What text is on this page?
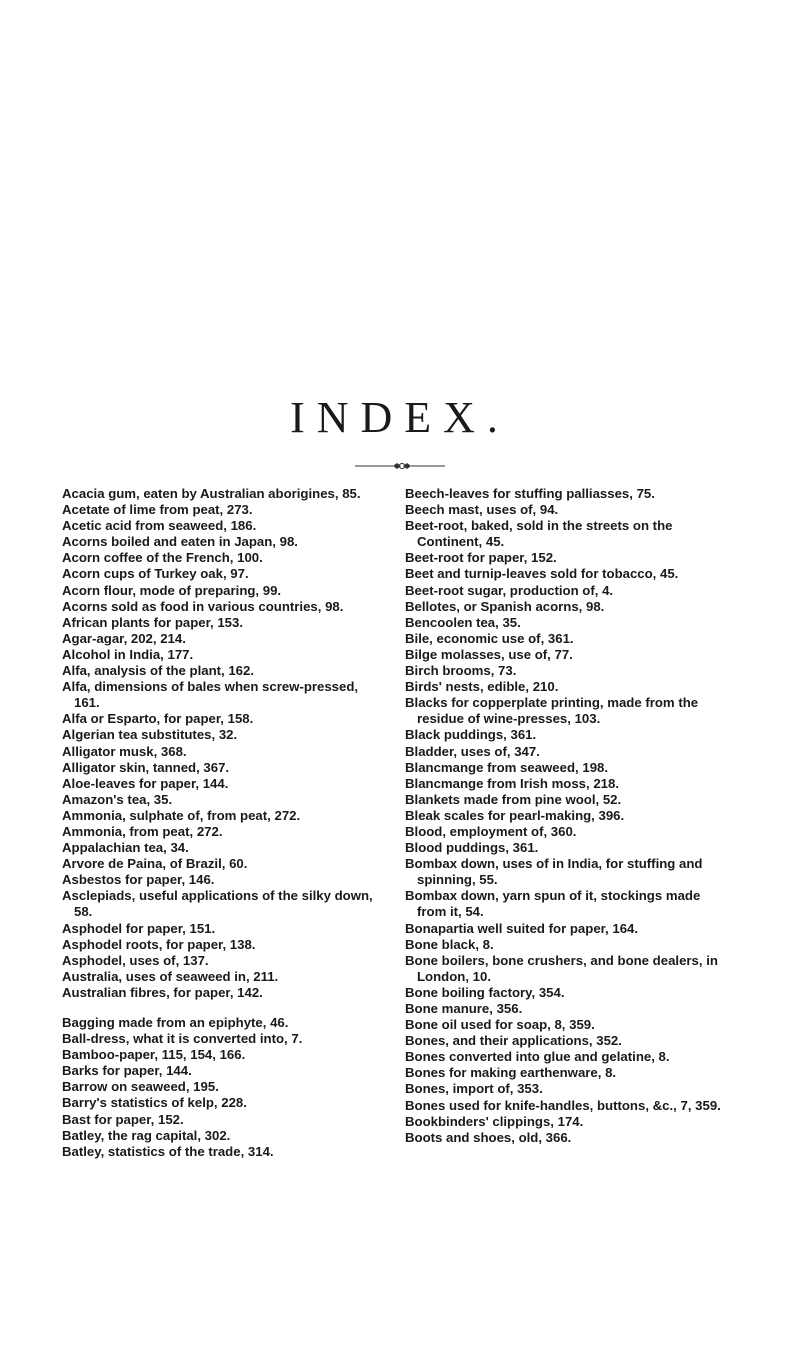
INDEX.

Acacia gum, eaten by Australian aborigines, 85.

Acetate of lime from peat, 273.

Acetic acid from seaweed, 186.

Acorns boiled and eaten in Japan, 98.

Acorn coffee of the French, 100.

Acorn cups of Turkey oak, 97.

Acorn flour, mode of preparing, 99.

Acorns sold as food in various countries, 98.

African plants for paper, 153.

Agar-agar, 202, 214.

Alcohol in India, 177.

Alfa, analysis of the plant, 162.

Alfa, dimensions of bales when screw-pressed, 161.

Alfa or Esparto, for paper, 158.

Algerian tea substitutes, 32.

Alligator musk, 368.

Alligator skin, tanned, 367.

Aloe-leaves for paper, 144.

Amazon's tea, 35.

Ammonia, sulphate of, from peat, 272.

Ammonia, from peat, 272.

Appalachian tea, 34.

Arvore de Paina, of Brazil, 60.

Asbestos for paper, 146.

Asclepiads, useful applications of the silky down, 58.

Asphodel for paper, 151.

Asphodel roots, for paper, 138.

Asphodel, uses of, 137.

Australia, uses of seaweed in, 211.

Australian fibres, for paper, 142.

Bagging made from an epiphyte, 46.

Ball-dress, what it is converted into, 7.

Bamboo-paper, 115, 154, 166.

Barks for paper, 144.

Barrow on seaweed, 195.

Barry's statistics of kelp, 228.

Bast for paper, 152.

Batley, the rag capital, 302.

Batley, statistics of the trade, 314.

Beech-leaves for stuffing palliasses, 75.

Beech mast, uses of, 94.

Beet-root, baked, sold in the streets on the Continent, 45.

Beet-root for paper, 152.

Beet and turnip-leaves sold for tobacco, 45.

Beet-root sugar, production of, 4.

Bellotes, or Spanish acorns, 98.

Bencoolen tea, 35.

Bile, economic use of, 361.

Bilge molasses, use of, 77.

Birch brooms, 73.

Birds' nests, edible, 210.

Blacks for copperplate printing, made from the residue of wine-presses, 103.

Black puddings, 361.

Bladder, uses of, 347.

Blancmange from seaweed, 198.

Blancmange from Irish moss, 218.

Blankets made from pine wool, 52.

Bleak scales for pearl-making, 396.

Blood, employment of, 360.

Blood puddings, 361.

Bombax down, uses of in India, for stuffing and spinning, 55.

Bombax down, yarn spun of it, stockings made from it, 54.

Bonapartia well suited for paper, 164.

Bone black, 8.

Bone boilers, bone crushers, and bone dealers, in London, 10.

Bone boiling factory, 354.

Bone manure, 356.

Bone oil used for soap, 8, 359.

Bones, and their applications, 352.

Bones converted into glue and gelatine, 8.

Bones for making earthenware, 8.

Bones, import of, 353.

Bones used for knife-handles, buttons, &c., 7, 359.

Bookbinders' clippings, 174.

Boots and shoes, old, 366.
